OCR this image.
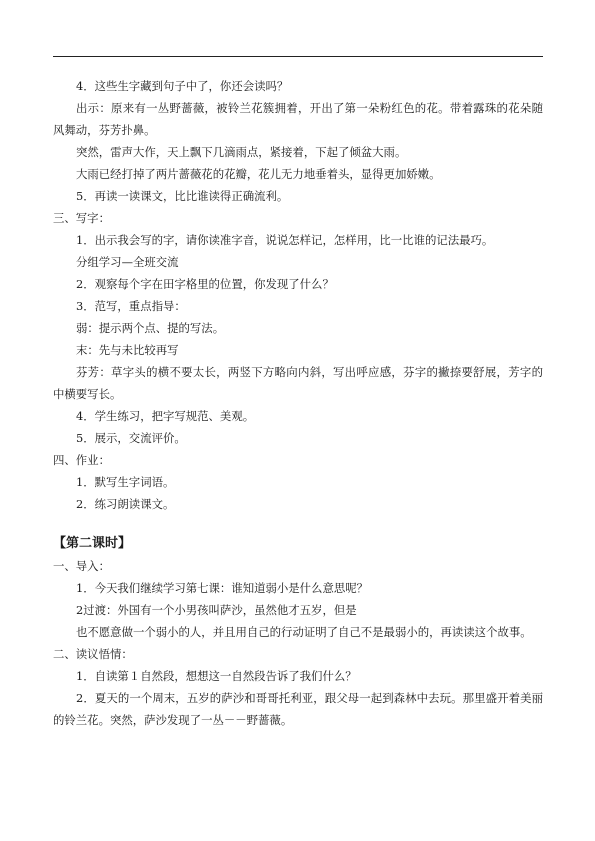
4．这些生字藏到句子中了，你还会读吗？

出示：原来有一丛野蔷薇，被铃兰花簇拥着，开出了第一朵粉红色的花。带着露珠的花朵随风舞动，芬芳扑鼻。

突然，雷声大作，天上飘下几滴雨点，紧接着，下起了倾盆大雨。

大雨已经打掉了两片蔷薇花的花瓣，花儿无力地垂着头，显得更加娇嫩。

5．再读一读课文，比比谁读得正确流利。

三、写字：

1．出示我会写的字，请你读准字音，说说怎样记，怎样用，比一比谁的记法最巧。

分组学习—全班交流

2．观察每个字在田字格里的位置，你发现了什么？

3．范写，重点指导：

弱：提示两个点、提的写法。

末：先与未比较再写

芬芳：草字头的横不要太长，两竖下方略向内斜，写出呼应感，芬字的撇捺要舒展，芳字的中横要写长。

4．学生练习，把字写规范、美观。

5．展示，交流评价。

四、作业：

1．默写生字词语。

2．练习朗读课文。

【第二课时】

一、导入：

1．今天我们继续学习第七课：谁知道弱小是什么意思呢？

2过渡：外国有一个小男孩叫萨沙，虽然他才五岁，但是

也不愿意做一个弱小的人，并且用自己的行动证明了自己不是最弱小的，再读读这个故事。

二、读议悟情：

1．自读第１自然段，想想这一自然段告诉了我们什么？

2．夏天的一个周末，五岁的萨沙和哥哥托利亚，跟父母一起到森林中去玩。那里盛开着美丽的铃兰花。突然，萨沙发现了一丛－－野蔷薇。
